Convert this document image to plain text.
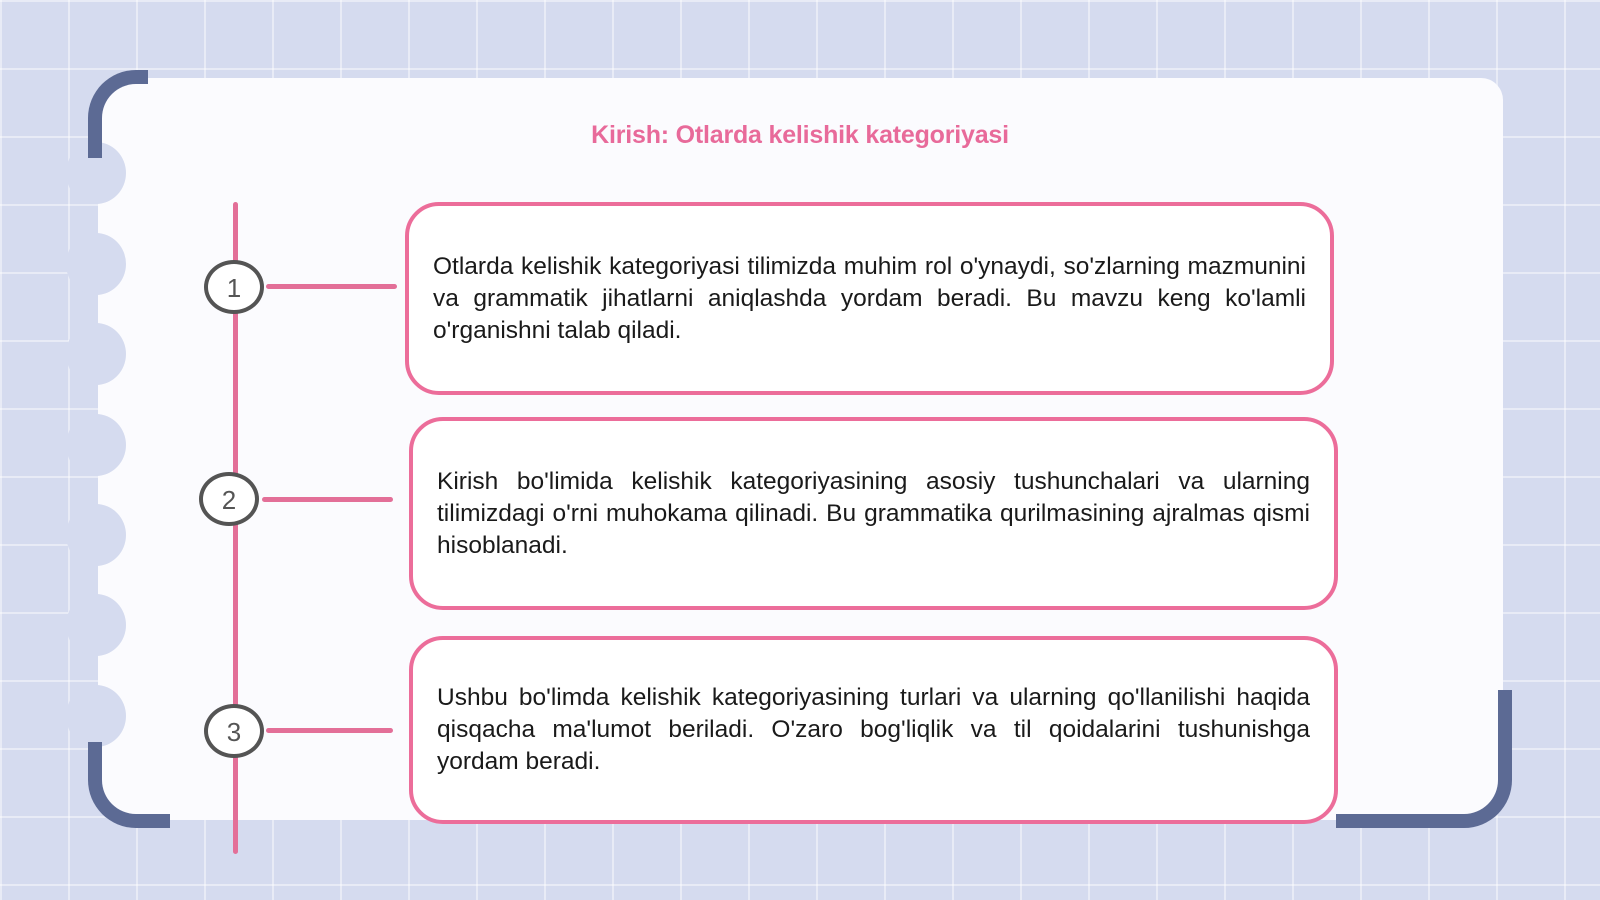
Kirish: Otlarda kelishik kategoriyasi
1
2
3

Otlarda kelishik kategoriyasi tilimizda muhim rol o'ynaydi, so'zlarning mazmunini va grammatik jihatlarni aniqlashda yordam beradi. Bu mavzu keng ko'lamli o'rganishni talab qiladi.

Kirish bo'limida kelishik kategoriyasining asosiy tushunchalari va ularning tilimizdagi o'rni muhokama qilinadi. Bu grammatika qurilmasining ajralmas qismi hisoblanadi.

Ushbu bo'limda kelishik kategoriyasining turlari va ularning qo'llanilishi haqida qisqacha ma'lumot beriladi. O'zaro bog'liqlik va til qoidalarini tushunishga yordam beradi.
